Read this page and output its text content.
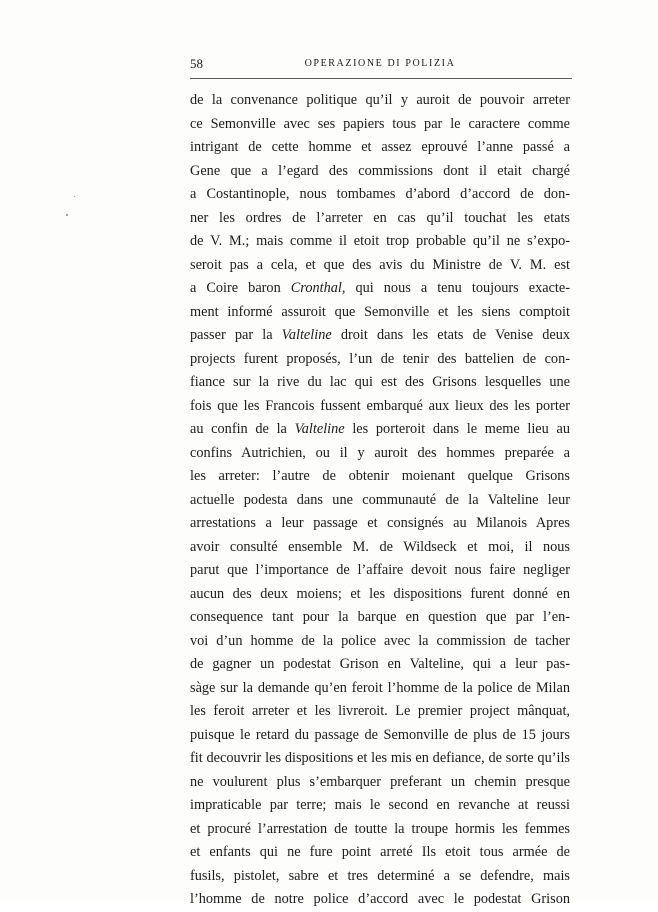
58	OPERAZIONE DI POLIZIA
de la convenance politique qu’il y auroit de pouvoir arreter
ce Semonville avec ses papiers tous par le caractere comme
intrigant de cette homme et assez eprouvé l’anne passé a
Gene que a l’egard des commissions dont il etait chargé
a Costantinople, nous tombames d’abord d’accord de don-
ner les ordres de l’arreter en cas qu’il touchat les etats
de V. M.; mais comme il etoit trop probable qu’il ne s’expo-
seroit pas a cela, et que des avis du Ministre de V. M. est
a Coire baron Cronthal, qui nous a tenu toujours exacte-
ment informé assuroit que Semonville et les siens comptoit
passer par la Valteline droit dans les etats de Venise deux
projects furent proposés, l’un de tenir des battelien de con-
fiance sur la rive du lac qui est des Grisons lesquelles une
fois que les Francois fussent embarqué aux lieux des les porter
au confin de la Valteline les porteroit dans le meme lieu au
confins Autrichien, ou il y auroit des hommes preparée a
les arreter: l’autre de obtenir moienant quelque Grisons
actuelle podesta dans une communauté de la Valteline leur
arrestations a leur passage et consignés au Milanois Apres
avoir consulté ensemble M. de Wildseck et moi, il nous
parut que l’importance de l’affaire devoit nous faire negliger
aucun des deux moiens; et les dispositions furent donné en
consequence tant pour la barque en question que par l’en-
voi d’un homme de la police avec la commission de tacher
de gagner un podestat Grison en Valteline, qui a leur pas-
sàge sur la demande qu’en feroit l’homme de la police de Milan
les feroit arreter et les livreroit. Le premier project mânquat,
puisque le retard du passage de Semonville de plus de 15 jours
fit decouvrir les dispositions et les mis en defiance, de sorte qu’ils
ne voulurent plus s’embarquer preferant un chemin presque
impraticable par terre; mais le second en revanche at reussi
et procuré l’arrestation de toutte la troupe hormis les femmes
et enfants qui ne fure point arreté Ils etoit tous armée de
fusils, pistolet, sabre et tres determiné a se defendre, mais
l’homme de notre police d’accord avec le podestat Grison
